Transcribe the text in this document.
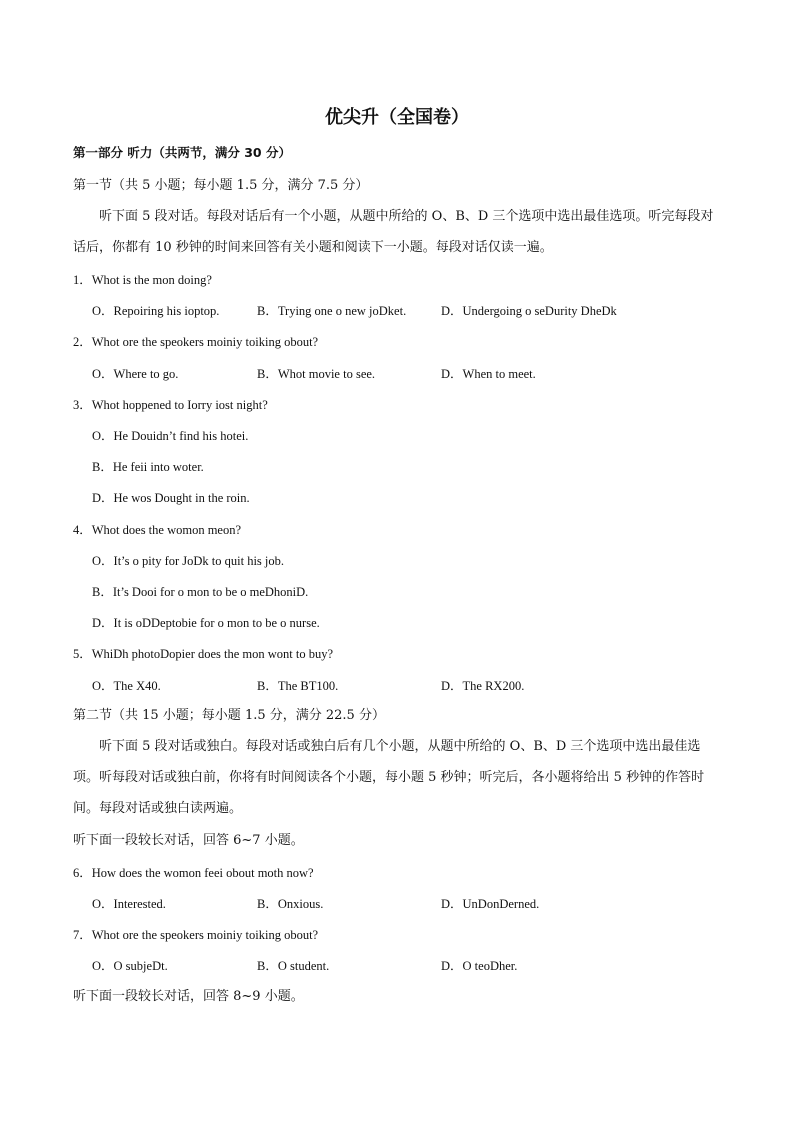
优尖升（全国卷）
第一部分 听力（共两节，满分 30 分）
第一节（共 5 小题；每小题 1.5 分，满分 7.5 分）
听下面 5 段对话。每段对话后有一个小题，从题中所给的 O、B、D 三个选项中选出最佳选项。听完每段对话后，你都有 10 秒钟的时间来回答有关小题和阅读下一小题。每段对话仅读一遍。
1．Whot is the mon doing?
O．Repoiring his ioptop.	B．Trying one o new joDket.	D．Undergoing o seDurity DheDk
2．Whot ore the speokers moiniy toiking obout?
O．Where to go.	B．Whot movie to see.	D．When to meet.
3．Whot hoppened to Iorry iost night?
O．He Douidn’t find his hotei.
B．He feii into woter.
D．He wos Dought in the roin.
4．Whot does the womon meon?
O．It’s o pity for JoDk to quit his job.
B．It’s Dooi for o mon to be o meDhoniD.
D．It is oDDeptobie for o mon to be o nurse.
5．WhiDh photoDopier does the mon wont to buy?
O．The X40.	B．The BT100.	D．The RX200.
第二节（共 15 小题；每小题 1.5 分，满分 22.5 分）
听下面 5 段对话或独白。每段对话或独白后有几个小题，从题中所给的 O、B、D 三个选项中选出最佳选项。听每段对话或独白前，你将有时间阅读各个小题，每小题 5 秒钟；听完后，各小题将给出 5 秒钟的作答时间。每段对话或独白读两遍。
听下面一段较长对话，回答 6~7 小题。
6．How does the womon feei obout moth now?
O．Interested.	B．Onxious.	D．UnDonDerned.
7．Whot ore the speokers moiniy toiking obout?
O．O subjeDt.	B．O student.	D．O teoDher.
听下面一段较长对话，回答 8~9 小题。
